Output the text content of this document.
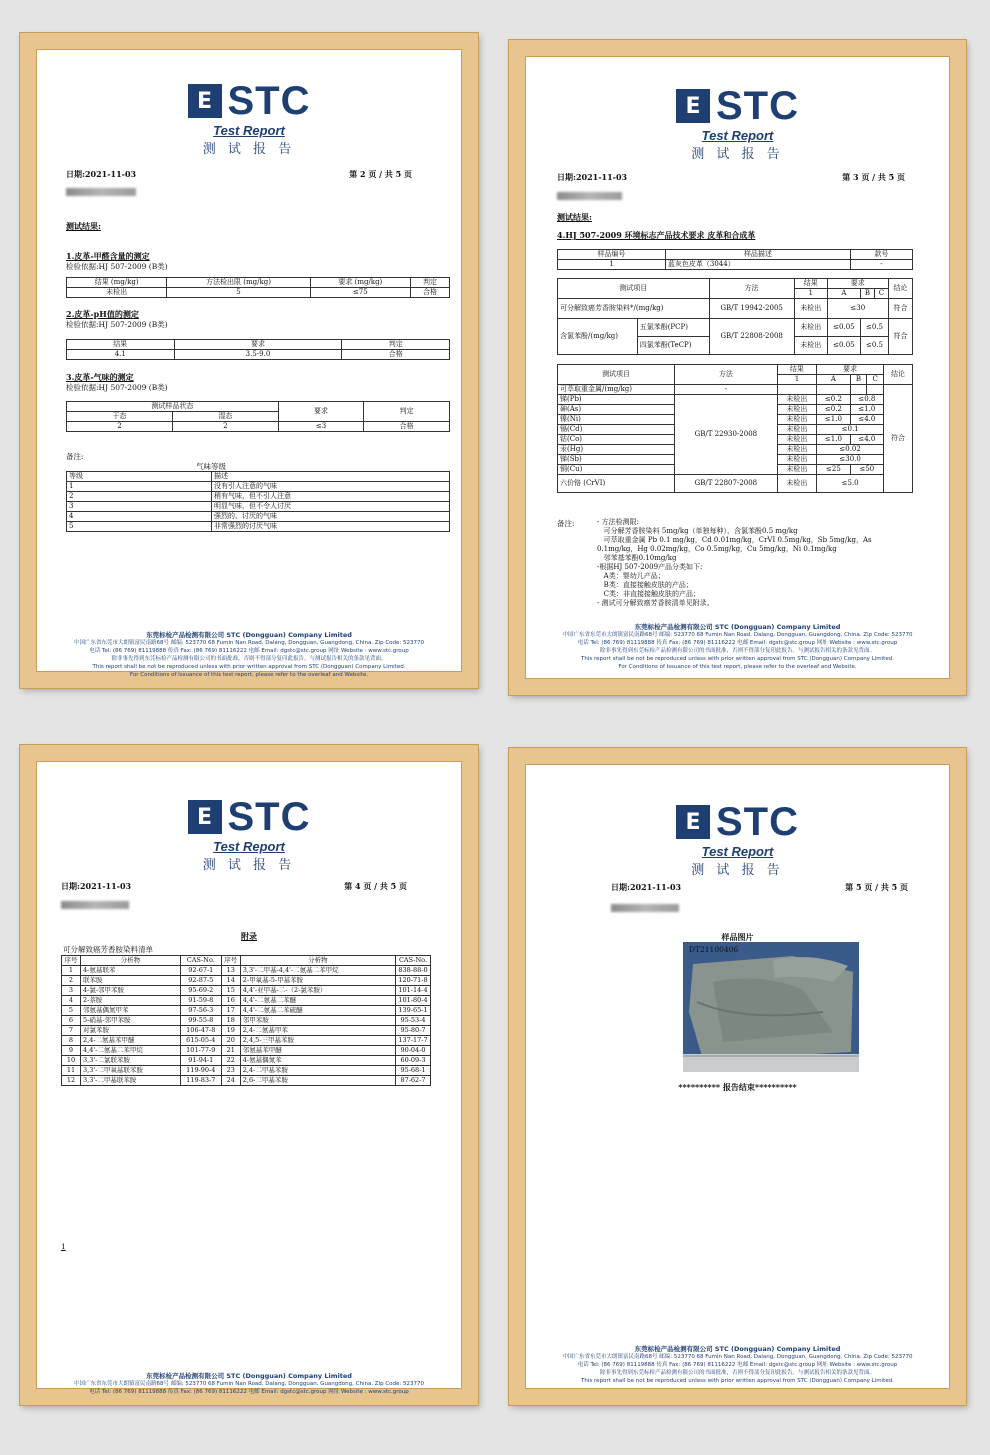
E STC
Test Report
测 试 报 告
日期:2021-11-03	第 2 页 / 共 5 页
测试结果:
1.皮革-甲醛含量的测定
检验依据:HJ 507-2009 (B类)
结果 (mg/kg)	方法检出限 (mg/kg)	要求 (mg/kg)	判定
未检出	5	≤75	合格
2.皮革-pH值的测定
检验依据:HJ 507-2009 (B类)
结果	要求	判定
4.1	3.5-9.0	合格
3.皮革-气味的测定
检验依据:HJ 507-2009 (B类)
测试样品状态		要求	判定
干态	湿态		
2	2	≤3	合格
备注:
气味等级
等级	描述
1	没有引人注意的气味
2	稍有气味，但不引人注意
3	明显气味，但不令人讨厌
4	强烈的、讨厌的气味
5	非常强烈的讨厌气味
东莞标检产品检测有限公司 STC (Dongguan) Company Limited
中国广东省东莞市大朗镇富民南路68号 邮编: 523770 68 Fumin Nan Road, Dalang, Dongguan, Guangdong, China. Zip Code: 523770
电话 Tel: (86 769) 81119888 传真 Fax: (86 769) 81116222 电邮 Email: dgstc@stc.group 网址 Website : www.stc.group
除非事先得到东莞标检产品检测有限公司的书面批准，否则不得部分复印此报告。与测试报告相关的条款见背面。
This report shall be not be reproduced unless with prior written approval from STC (Dongguan) Company Limited.
For Conditions of Issuance of this test report, please refer to the overleaf and Website.
E STC
Test Report
测 试 报 告
日期:2021-11-03	第 3 页 / 共 5 页
测试结果:
4.HJ 507-2009 环境标志产品技术要求 皮革和合成革
样品编号	样品描述	款号
1	蓝灰色皮革（3044）	-
测试项目		方法	结果	要求			结论
			1	A	B	C	
可分解致癌芳香胺染料*/(mg/kg)		GB/T 19942-2005	未检出	≤30			符合
含氯苯酚/(mg/kg)	五氯苯酚(PCP)	GB/T 22808-2008	未检出	≤0.05	≤0.5		符合
	四氯苯酚(TeCP)		未检出	≤0.05	≤0.5		
测试项目	方法	结果	要求			结论
		1	A	B	C	
可萃取重金属/(mg/kg)	-					符合
锑(Pb)	GB/T 22930-2008	未检出	≤0.2	≤0.8		
砷(As)		未检出	≤0.2	≤1.0		
镍(Ni)		未检出	≤1.0	≤4.0		
镉(Cd)		未检出	≤0.1			
钴(Co)		未检出	≤1.0	≤4.0		
汞(Hg)		未检出	≤0.02			
锑(Sb)		未检出	≤30.0			
铜(Cu)		未检出	≤25	≤50		
六价铬 (CrVI)	GB/T 22807-2008	未检出	≤5.0			
备注:	- 方法检测限:
可分解芳香胺染料 5mg/kg（单独每种），含氯苯酚0.5 mg/kg
可萃取重金属 Pb 0.1 mg/kg，Cd 0.01mg/kg，CrVI 0.5mg/kg，Sb 5mg/kg，As
0.1mg/kg，Hg 0.02mg/kg，Co 0.5mg/kg，Cu 5mg/kg，Ni 0.1mg/kg
邻苯基苯酚0.10mg/kg
-根据HJ 507-2009产品分类如下:
A类：婴幼儿产品；
B类：直接接触皮肤的产品；
C类：非直接接触皮肤的产品；
- 测试可分解致癌芳香胺清单见附录。
东莞标检产品检测有限公司 STC (Dongguan) Company Limited
中国广东省东莞市大朗镇富民南路68号 邮编: 523770 68 Fumin Nan Road, Dalang, Dongguan, Guangdong, China. Zip Code: 523770
电话 Tel: (86 769) 81119888 传真 Fax: (86 769) 81116222 电邮 Email: dgstc@stc.group 网址 Website : www.stc.group
除非事先得到东莞标检产品检测有限公司的书面批准，否则不得部分复印此报告。与测试报告相关的条款见背面。
This report shall be not be reproduced unless with prior written approval from STC (Dongguan) Company Limited.
For Conditions of Issuance of this test report, please refer to the overleaf and Website.
E STC
Test Report
测 试 报 告
日期:2021-11-03	第 4 页 / 共 5 页
附录
可分解致癌芳香胺染料清单
序号	分析物	CAS-No.	序号	分析物	CAS-No.
1	4-氨基联苯	92-67-1	13	3,3'-二甲基-4,4'-二氨基二苯甲烷	838-88-0
2	联苯胺	92-87-5	14	2-甲氧基-5-甲基苯胺	120-71-8
3	4-氯-邻甲苯胺	95-69-2	15	4,4'-亚甲基-二-（2-氯苯胺）	101-14-4
4	2-萘胺	91-59-8	16	4,4'-二氨基二苯醚	101-80-4
5	邻氨基偶氮甲苯	97-56-3	17	4,4'-二氨基二苯硫醚	139-65-1
6	5-硝基-邻甲苯胺	99-55-8	18	邻甲苯胺	95-53-4
7	对氯苯胺	106-47-8	19	2,4-二氨基甲苯	95-80-7
8	2,4-二氨基苯甲醚	615-05-4	20	2,4,5-三甲基苯胺	137-17-7
9	4,4'-二氨基二苯甲烷	101-77-9	21	邻氨基苯甲醚	90-04-0
10	3,3'-二氯联苯胺	91-94-1	22	4-氨基偶氮苯	60-09-3
11	3,3'-二甲氧基联苯胺	119-90-4	23	2,4-二甲基苯胺	95-68-1
12	3,3'-二甲基联苯胺	119-83-7	24	2,6-二甲基苯胺	87-62-7
1
东莞标检产品检测有限公司 STC (Dongguan) Company Limited
中国广东省东莞市大朗镇富民南路68号 邮编: 523770 68 Fumin Nan Road, Dalang, Dongguan, Guangdong, China. Zip Code: 523770
电话 Tel: (86 769) 81119888 传真 Fax: (86 769) 81116222 电邮 Email: dgstc@stc.group 网址 Website : www.stc.group
E STC
Test Report
测 试 报 告
日期:2021-11-03	第 5 页 / 共 5 页
样品图片
DT21100406
********** 报告结束**********
东莞标检产品检测有限公司 STC (Dongguan) Company Limited
中国广东省东莞市大朗镇富民南路68号 邮编: 523770 68 Fumin Nan Road, Dalang, Dongguan, Guangdong, China. Zip Code: 523770
电话 Tel: (86 769) 81119888 传真 Fax: (86 769) 81116222 电邮 Email: dgstc@stc.group 网址 Website : www.stc.group
除非事先得到东莞标检产品检测有限公司的书面批准，否则不得部分复印此报告。与测试报告相关的条款见背面。
This report shall be not be reproduced unless with prior written approval from STC (Dongguan) Company Limited.
